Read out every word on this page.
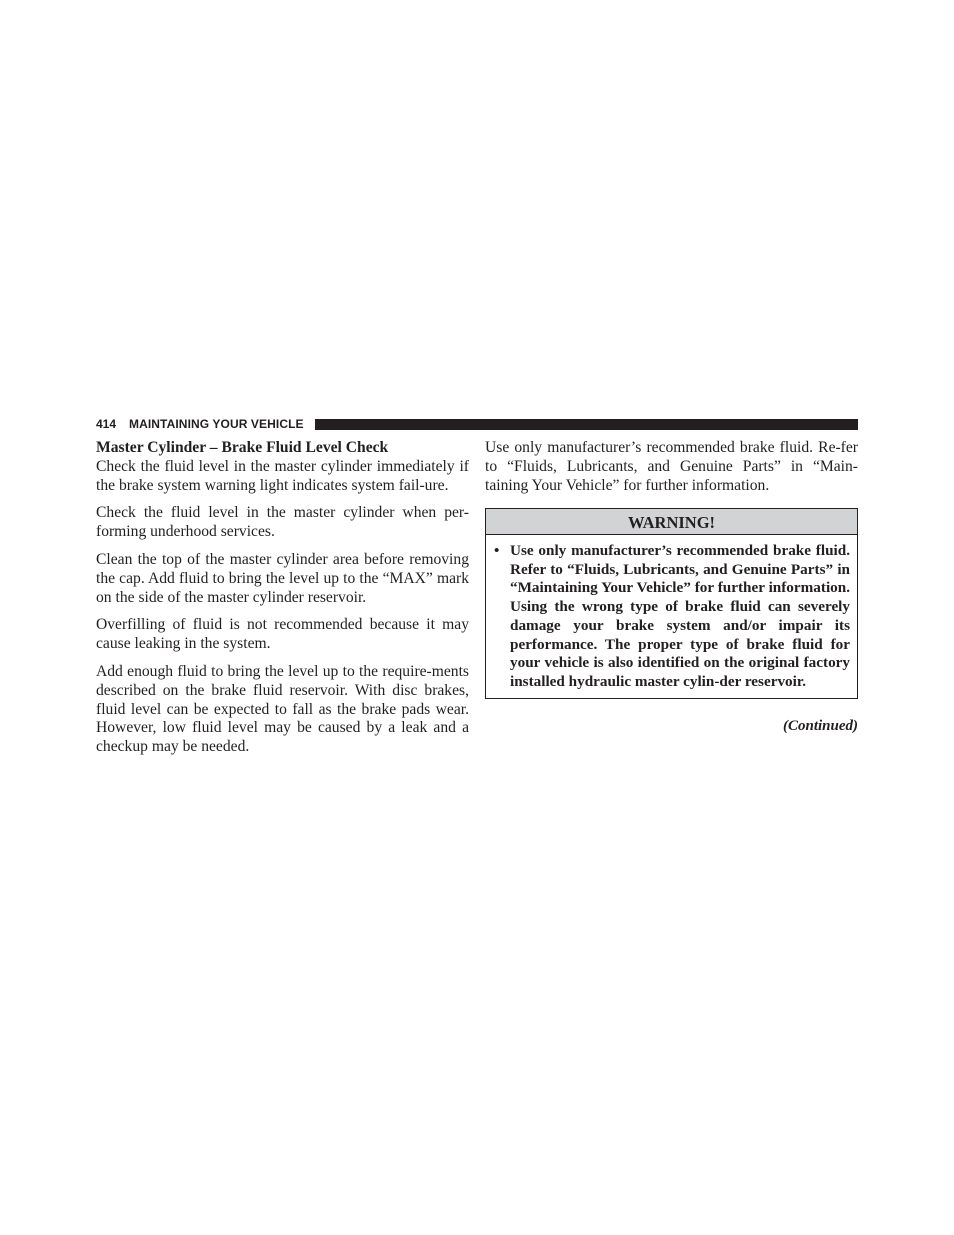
414 MAINTAINING YOUR VEHICLE
Master Cylinder – Brake Fluid Level Check

Check the fluid level in the master cylinder immediately if the brake system warning light indicates system fail-ure.

Check the fluid level in the master cylinder when per-forming underhood services.

Clean the top of the master cylinder area before removing the cap. Add fluid to bring the level up to the “MAX” mark on the side of the master cylinder reservoir.

Overfilling of fluid is not recommended because it may cause leaking in the system.

Add enough fluid to bring the level up to the require-ments described on the brake fluid reservoir. With disc brakes, fluid level can be expected to fall as the brake pads wear. However, low fluid level may be caused by a leak and a checkup may be needed.

Use only manufacturer’s recommended brake fluid. Re-fer to “Fluids, Lubricants, and Genuine Parts” in “Main-taining Your Vehicle” for further information.

WARNING!
• Use only manufacturer’s recommended brake fluid. Refer to “Fluids, Lubricants, and Genuine Parts” in “Maintaining Your Vehicle” for further information. Using the wrong type of brake fluid can severely damage your brake system and/or impair its performance. The proper type of brake fluid for your vehicle is also identified on the original factory installed hydraulic master cylin-der reservoir.
(Continued)
